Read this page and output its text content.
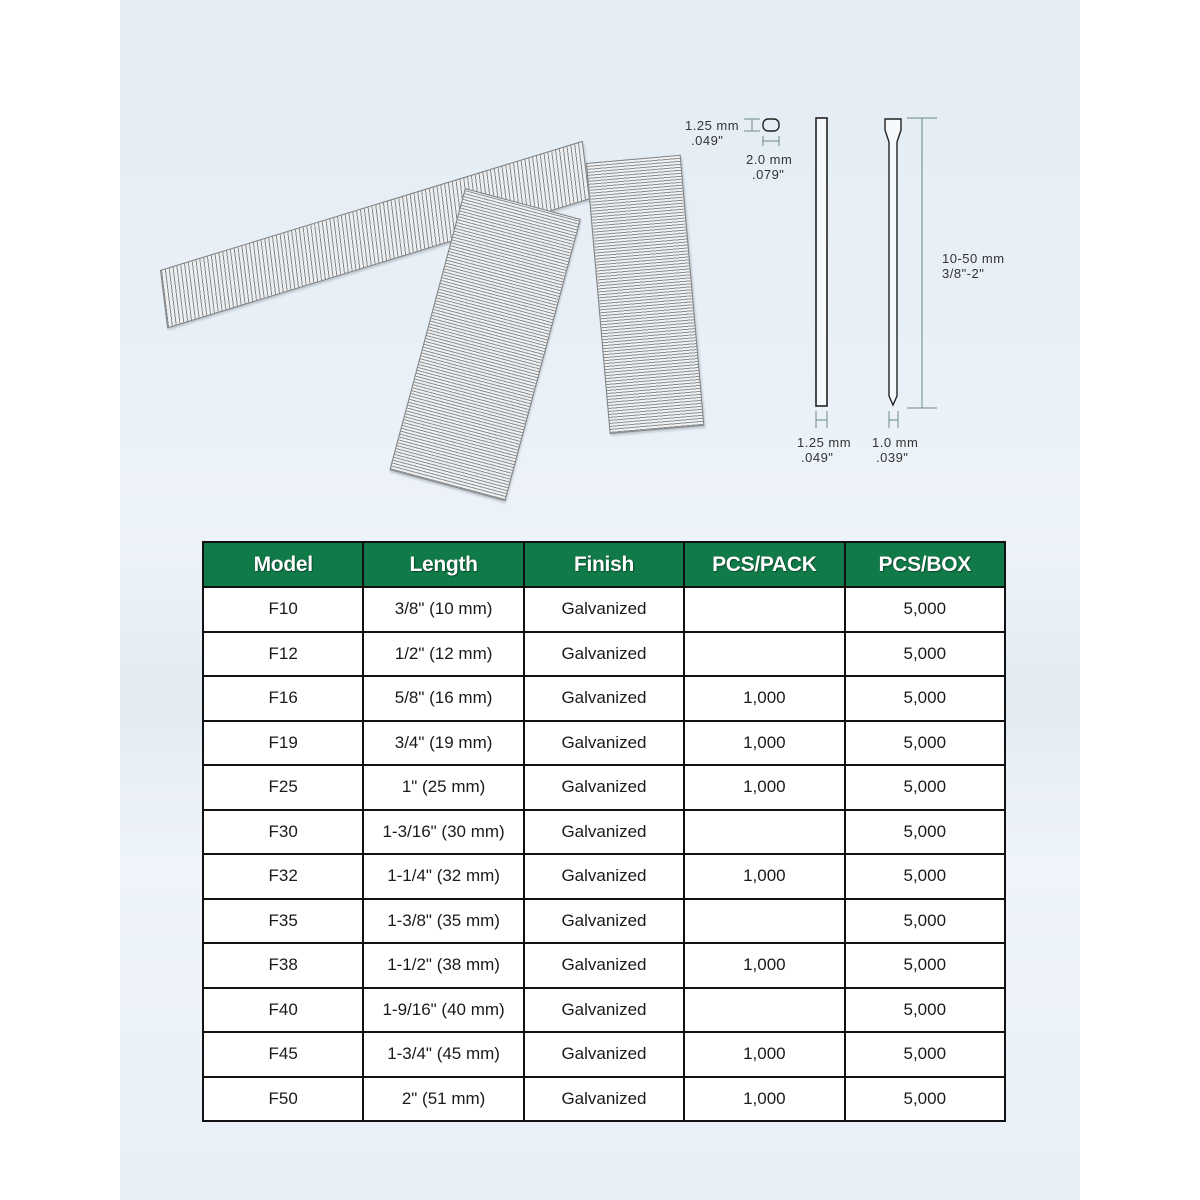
1.25 mm
.049"
2.0 mm
.079"
1.25 mm
.049"
1.0 mm
.039"
10-50 mm
3/8"-2"
Model	Length	Finish	PCS/PACK	PCS/BOX
F10	3/8" (10 mm)	Galvanized		5,000
F12	1/2" (12 mm)	Galvanized		5,000
F16	5/8" (16 mm)	Galvanized	1,000	5,000
F19	3/4" (19 mm)	Galvanized	1,000	5,000
F25	1" (25 mm)	Galvanized	1,000	5,000
F30	1-3/16" (30 mm)	Galvanized		5,000
F32	1-1/4" (32 mm)	Galvanized	1,000	5,000
F35	1-3/8" (35 mm)	Galvanized		5,000
F38	1-1/2" (38 mm)	Galvanized	1,000	5,000
F40	1-9/16" (40 mm)	Galvanized		5,000
F45	1-3/4" (45 mm)	Galvanized	1,000	5,000
F50	2" (51 mm)	Galvanized	1,000	5,000
